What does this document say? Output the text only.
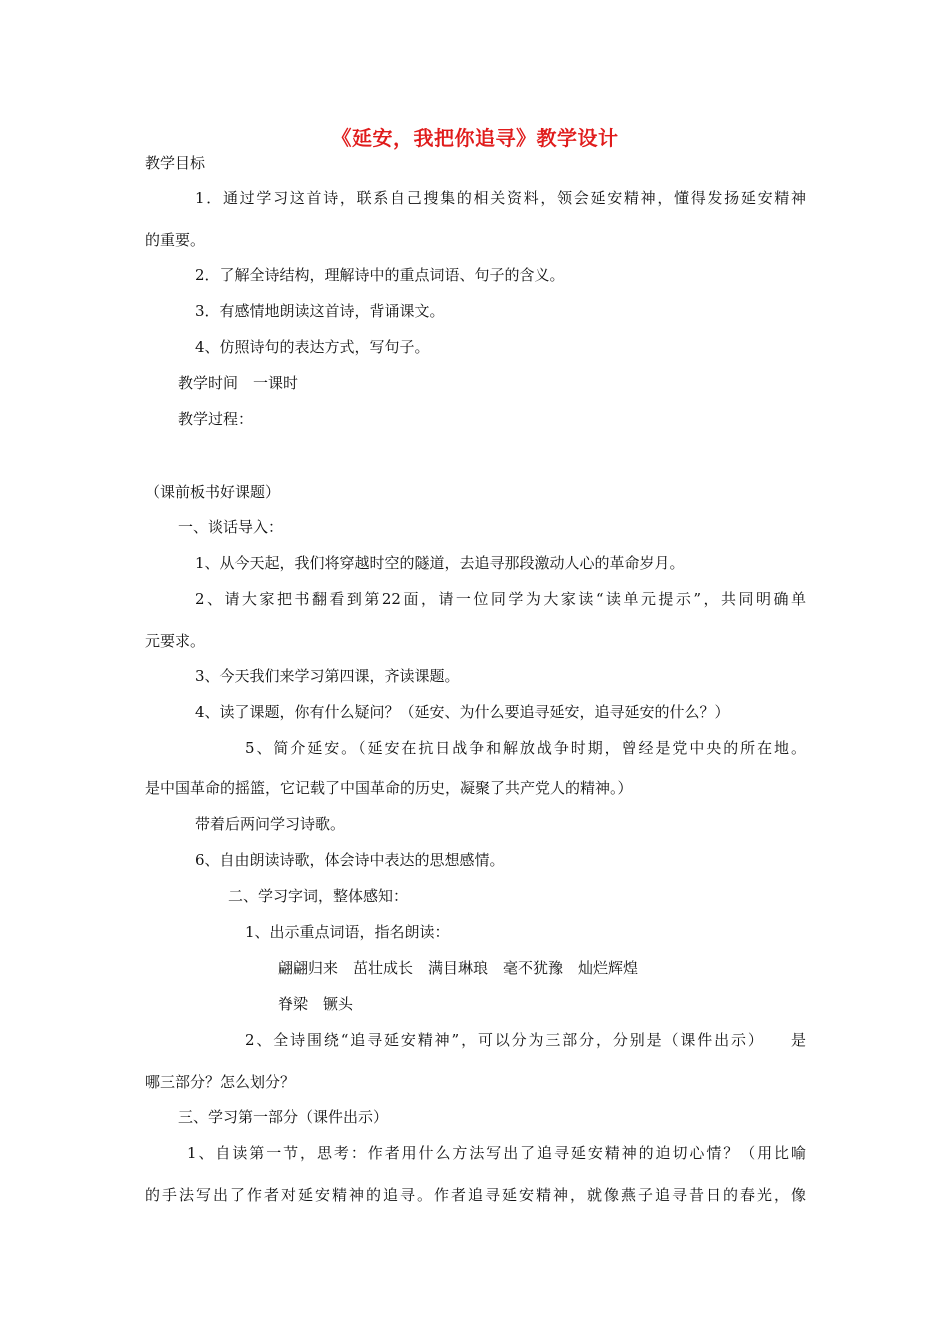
《延安，我把你追寻》教学设计
教学目标
1．通过学习这首诗，联系自己搜集的相关资料，领会延安精神，懂得发扬延安精神
的重要。
2．了解全诗结构，理解诗中的重点词语、句子的含义。
3．有感情地朗读这首诗，背诵课文。
4、仿照诗句的表达方式，写句子。
教学时间　一课时
教学过程：
（课前板书好课题）
一、谈话导入：
1、从今天起，我们将穿越时空的隧道，去追寻那段激动人心的革命岁月。
2、请大家把书翻看到第22面，请一位同学为大家读“读单元提示”，共同明确单
元要求。
3、今天我们来学习第四课，齐读课题。
4、读了课题，你有什么疑问？（延安、为什么要追寻延安，追寻延安的什么？）
5、简介延安。（延安在抗日战争和解放战争时期，曾经是党中央的所在地。
是中国革命的摇篮，它记载了中国革命的历史，凝聚了共产党人的精神。）
带着后两问学习诗歌。
6、自由朗读诗歌，体会诗中表达的思想感情。
二、学习字词，整体感知：
1、出示重点词语，指名朗读：
翩翩归来　茁壮成长　满目琳琅　毫不犹豫　灿烂辉煌
脊梁　镢头
2、全诗围绕“追寻延安精神”，可以分为三部分，分别是（课件出示）　　是
哪三部分？怎么划分？
三、学习第一部分（课件出示）
1、自读第一节，思考：作者用什么方法写出了追寻延安精神的迫切心情？（用比喻
的手法写出了作者对延安精神的追寻。作者追寻延安精神，就像燕子追寻昔日的春光，像
